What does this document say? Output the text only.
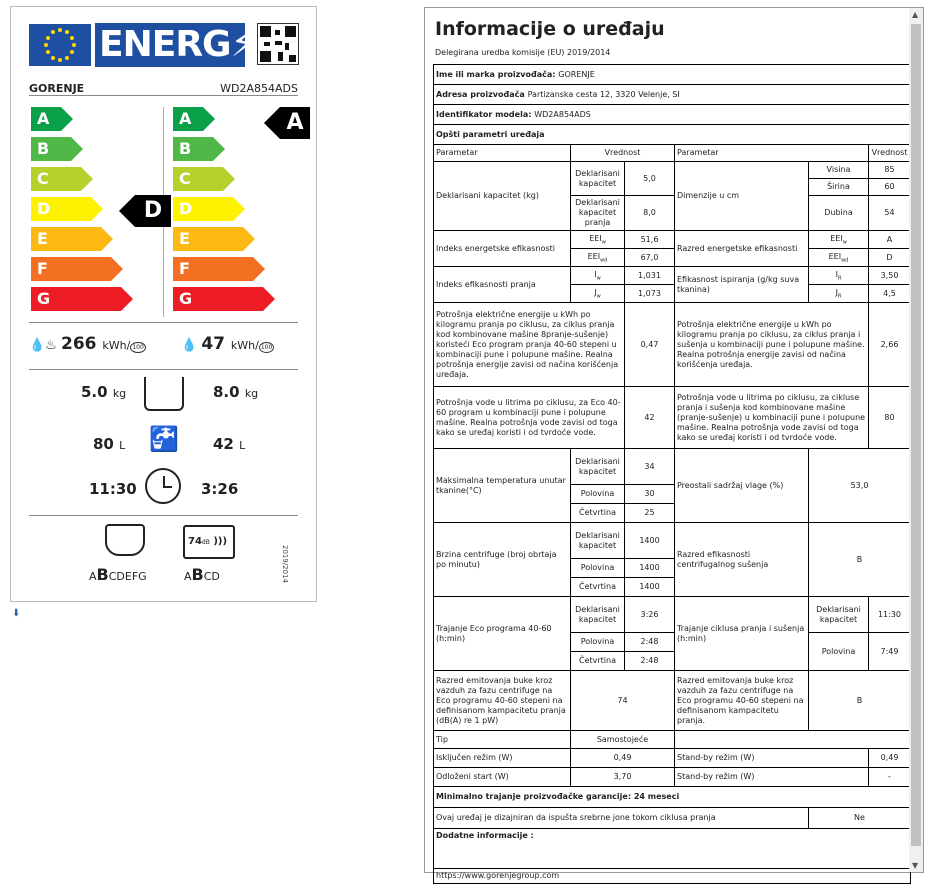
ENERG⚡
GORENJE	WD2A854ADS
A
B
C
D
E
F
G
A
B
C
D
E
F
G
D
A
💧♨ 266 kWh/ 100	💧 47 kWh/ 100
5.0 kg	8.0 kg
80 L 🚰 42 L
11:30	3:26
ABCDEFG
74dB )))
ABCD	2019/2014
⬇
Informacije o uređaju
Delegirana uredba komisije (EU) 2019/2014
Ime ili marka proizvođača: GORENJE					
Adresa proizvođača Partizanska cesta 12, 3320 Velenje, SI					
Identifikator modela: WD2A854ADS					
Opšti parametri uređaja					
Parametar	Vrednost		Parametar		Vrednost
Deklarisani kapacitet (kg)	Deklarisani kapacitet	5,0	Dimenzije u cm	Visina	85
				Širina	60
	Deklarisani kapacitet pranja	8,0		Dubina	54
Indeks energetske efikasnosti	$EEI_w$	51,6	Razred energetske efikasnosti	$EEI_w$	A
	$EEI_{wd}$	67,0		$EEI_{wd}$	D
Indeks efikasnosti pranja	$I_w$	1,031	Efikasnost ispiranja (g/kg suva tkanina)	$I_R$	3,50
	$J_w$	1,073		$J_R$	4,5
Potrošnja električne energije u kWh po kilogramu pranja po ciklusu, za ciklus pranja kod kombinovane mašine 8pranje-sušenje) koristeći Eco program pranja 40-60 stepeni u kombinaciji pune i polupune mašine. Realna potrošnja energije zavisi od načina korišćenja uređaja.		0,47	Potrošnja električne energije u kWh po kilogramu pranja po ciklusu, za ciklus pranja i sušenja u kombinaciji pune i polupune mašine. Realna potrošnja energije zavisi od načina korišćenja uređaja.		2,66
Potrošnja vode u litrima po ciklusu, za Eco 40-60 program u kombinaciji pune i polupune mašine. Realna potrošnja vode zavisi od toga kako se uređaj koristi i od tvrdoće vode.		42	Potrošnja vode u litrima po ciklusu, za cikluse pranja i sušenja kod kombinovane mašine (pranje-sušenje) u kombinaciji pune i polupune mašine. Realna potrošnja vode zavisi od toga kako se uređaj koristi i od tvrdoće vode.		80
Maksimalna temperatura unutar tkanine(°C)	Deklarisani kapacitet	34	Preostali sadržaj vlage (%)	53,0	
	Polovina	30			
	Četvrtina	25			
Brzina centrifuge (broj obrtaja po minutu)	Deklarisani kapacitet	1400	Razred efikasnosti centrifugalnog sušenja	B	
	Polovina	1400			
	Četvrtina	1400			
Trajanje Eco programa 40-60 (h:min)	Deklarisani kapacitet	3:26	Trajanje ciklusa pranja i sušenja (h:min)	Deklarisani kapacitet	11:30
	Polovina	2:48		Polovina	7:49
	Četvrtina	2:48			
Razred emitovanja buke kroz vazduh za fazu centrifuge na Eco programu 40-60 stepeni na definisanom kampacitetu pranja (dB(A) re 1 pW)	74		Razred emitovanja buke kroz vazduh za fazu centrifuge na Eco programu 40-60 stepeni na definisanom kampacitetu pranja.	B	
Tip	Samostojeće				
Isključen režim (W)	0,49		Stand-by režim (W)		0,49
Odloženi start (W)	3,70		Stand-by režim (W)		-
Minimalno trajanje proizvođačke garancije: 24 meseci					
Ovaj uređaj je dizajniran da ispušta srebrne jone tokom ciklusa pranja				Ne	
Dodatne informacije :					
https://www.gorenjegroup.com					
▲
▼
